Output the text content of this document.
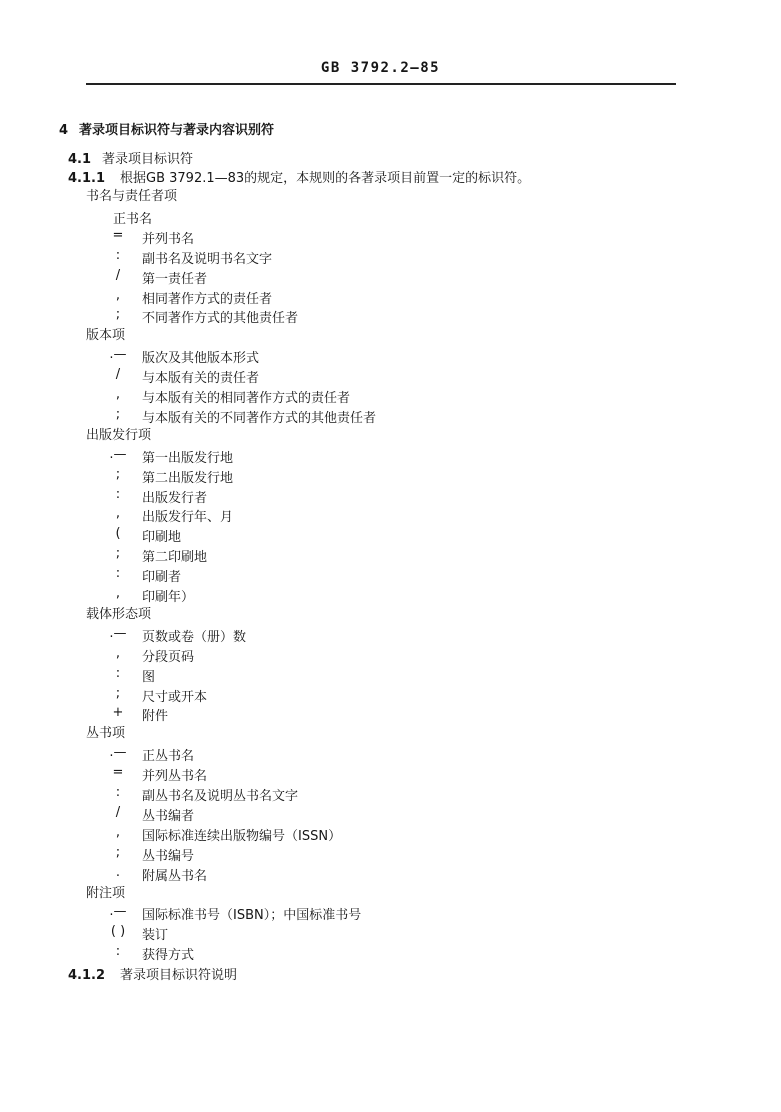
GB 3792.2—85
4 著录项目标识符与著录内容识别符
4.1 著录项目标识符
4.1.1 根据GB 3792.1—83的规定，本规则的各著录项目前置一定的标识符。
书名与责任者项
正书名
=	并列书名
:	副书名及说明书名文字
/	第一责任者
,	相同著作方式的责任者
;	不同著作方式的其他责任者
版本项
.— 版次及其他版本形式
/	与本版有关的责任者
,	与本版有关的相同著作方式的责任者
;	与本版有关的不同著作方式的其他责任者
出版发行项
.— 第一出版发行地
;	第二出版发行地
:	出版发行者
,	出版发行年、月
(	印刷地
;	第二印刷地
:	印刷者
,	印刷年）
载体形态项
.— 页数或卷（册）数
,	分段页码
:	图
;	尺寸或开本
+	附件
丛书项
.— 正丛书名
=	并列丛书名
:	副丛书名及说明丛书名文字
/	丛书编者
,	国际标准连续出版物编号（ISSN）
;	丛书编号
.	附属丛书名
附注项
.— 国际标准书号（ISBN）；中国标准书号
( )	装订
:	获得方式
4.1.2 著录项目标识符说明
